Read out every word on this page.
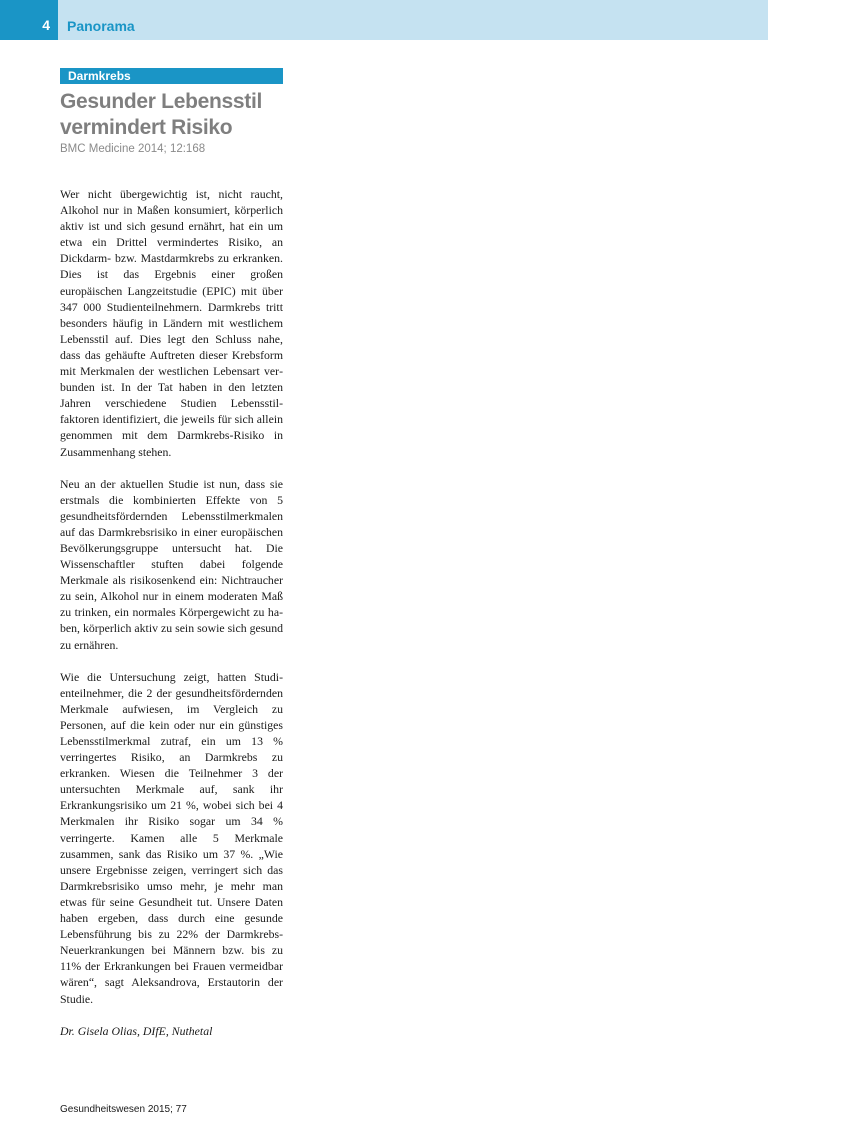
4 Panorama
Darmkrebs
Gesunder Lebensstil vermindert Risiko
BMC Medicine 2014; 12:168

Wer nicht übergewichtig ist, nicht raucht, Alkohol nur in Maßen konsumiert, körperlich aktiv ist und sich gesund ernährt, hat ein um etwa ein Drittel vermindertes Risiko, an Dickdarm- bzw. Mastdarmkrebs zu erkranken. Dies ist das Ergebnis einer großen europäischen Langzeitstudie (EPIC) mit über 347 000 Studienteilnehmern. Darmkrebs tritt besonders häufig in Ländern mit westlichem Lebensstil auf. Dies legt den Schluss nahe, dass das gehäufte Auftreten dieser Krebsform mit Merkmalen der westlichen Lebensart verbunden ist. In der Tat haben in den letzten Jahren verschiedene Studien Lebensstilfaktoren identifiziert, die jeweils für sich allein genommen mit dem Darmkrebs-Risiko in Zusammenhang stehen.

Neu an der aktuellen Studie ist nun, dass sie erstmals die kombinierten Effekte von 5 gesundheitsfördernden Lebensstilmerkmalen auf das Darmkrebsrisiko in einer europäischen Bevölkerungsgruppe untersucht hat. Die Wissenschaftler stuften dabei folgende Merkmale als risikosenkend ein: Nichtraucher zu sein, Alkohol nur in einem moderaten Maß zu trinken, ein normales Körpergewicht zu haben, körperlich aktiv zu sein sowie sich gesund zu ernähren.

Wie die Untersuchung zeigt, hatten Studienteilnehmer, die 2 der gesundheitsfördernden Merkmale aufwiesen, im Vergleich zu Personen, auf die kein oder nur ein günstiges Lebensstilmerkmal zutraf, ein um 13 % verringertes Risiko, an Darmkrebs zu erkranken. Wiesen die Teilnehmer 3 der untersuchten Merkmale auf, sank ihr Erkrankungsrisiko um 21 %, wobei sich bei 4 Merkmalen ihr Risiko sogar um 34 % verringerte. Kamen alle 5 Merkmale zusammen, sank das Risiko um 37 %. „Wie unsere Ergebnisse zeigen, verringert sich das Darmkrebsrisiko umso mehr, je mehr man etwas für seine Gesundheit tut. Unsere Daten haben ergeben, dass durch eine gesunde Lebensführung bis zu 22% der Darmkrebs-Neuerkrankungen bei Männern bzw. bis zu 11% der Erkrankungen bei Frauen vermeidbar wären“, sagt Aleksandrova, Erstautorin der Studie.

Dr. Gisela Olias, DIfE, Nuthetal

Gesundheitswesen 2015; 77
